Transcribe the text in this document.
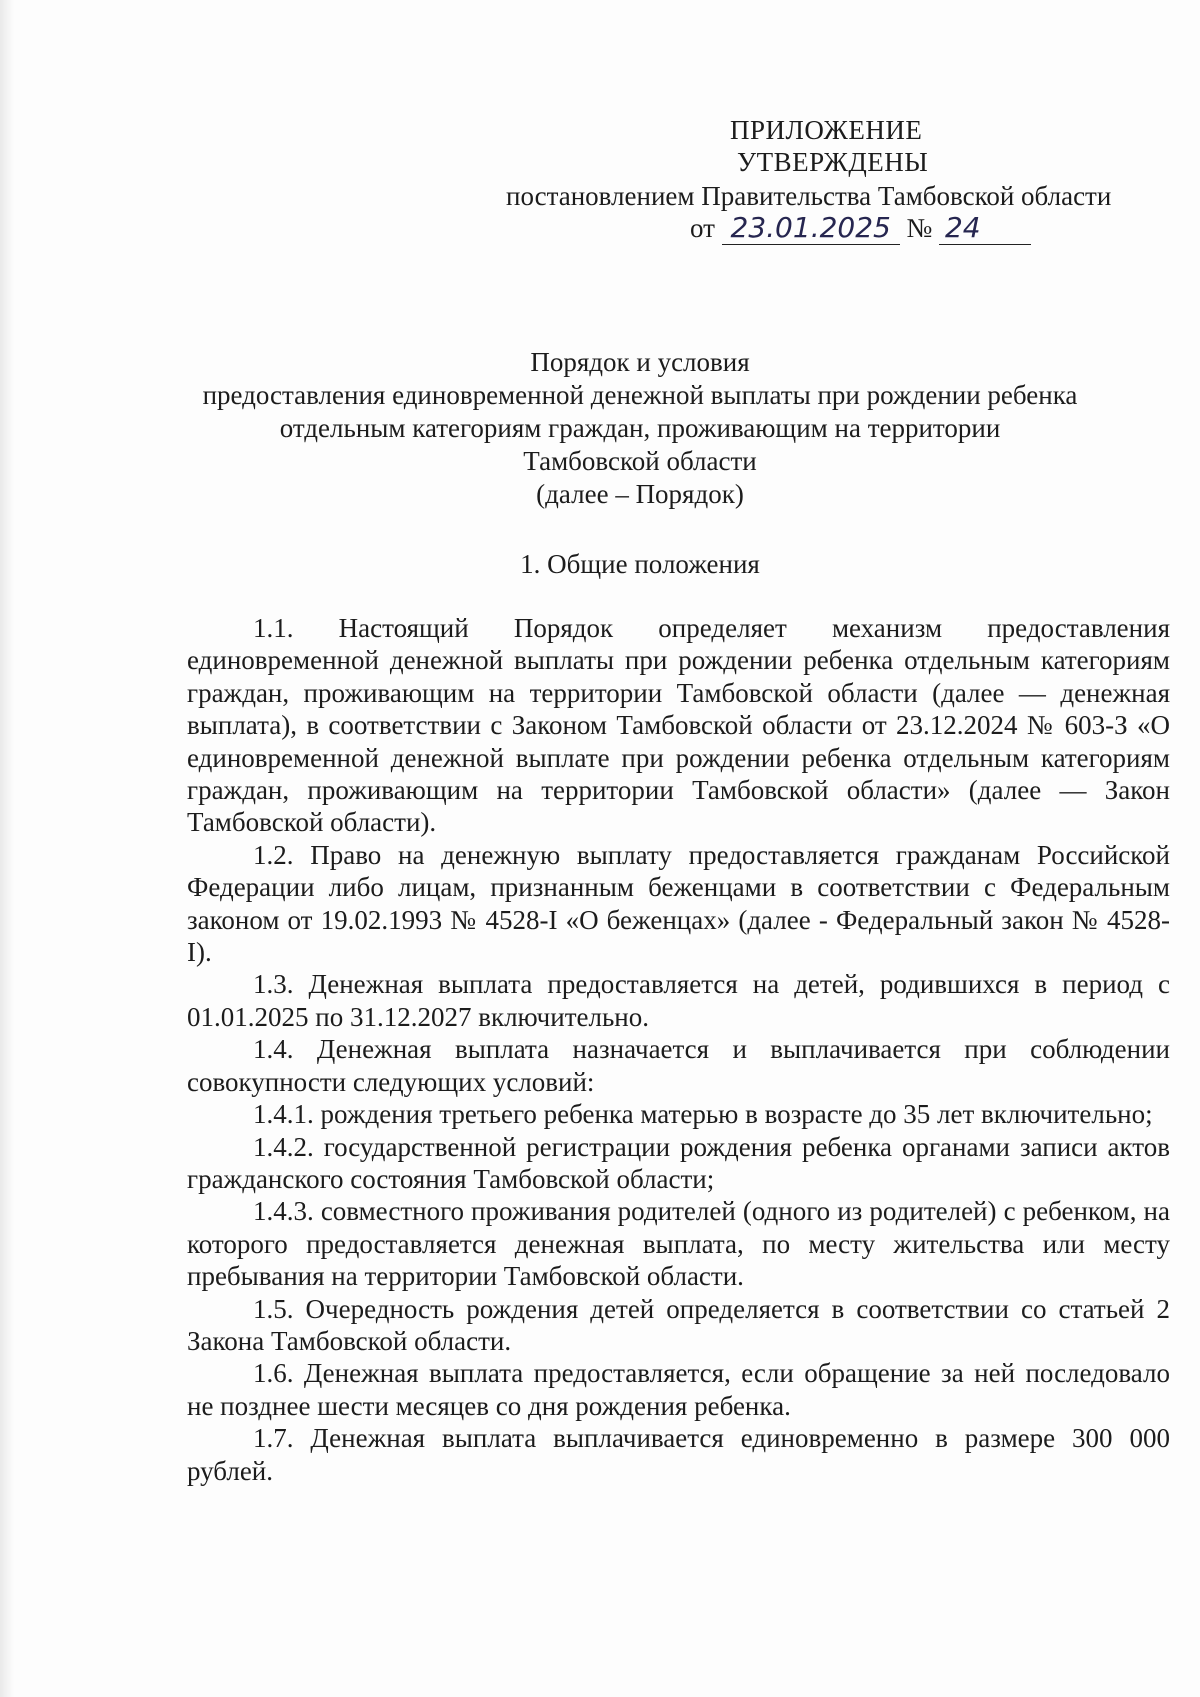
ПРИЛОЖЕНИЕ
УТВЕРЖДЕНЫ
постановлением Правительства Тамбовской области
от 23.01.2025 № 24
Порядок и условия
предоставления единовременной денежной выплаты при рождении ребенка
отдельным категориям граждан, проживающим на территории
Тамбовской области
(далее – Порядок)
1. Общие положения

1.1. Настоящий Порядок определяет механизм предоставления единовременной денежной выплаты при рождении ребенка отдельным категориям граждан, проживающим на территории Тамбовской области (далее — денежная выплата), в соответствии с Законом Тамбовской области от 23.12.2024 № 603-З «О единовременной денежной выплате при рождении ребенка отдельным категориям граждан, проживающим на территории Тамбовской области» (далее — Закон Тамбовской области).

1.2. Право на денежную выплату предоставляется гражданам Российской Федерации либо лицам, признанным беженцами в соответствии с Федеральным законом от 19.02.1993 № 4528-I «О беженцах» (далее - Федеральный закон № 4528-I).

1.3. Денежная выплата предоставляется на детей, родившихся в период с 01.01.2025 по 31.12.2027 включительно.

1.4. Денежная выплата назначается и выплачивается при соблюдении совокупности следующих условий:

1.4.1. рождения третьего ребенка матерью в возрасте до 35 лет включительно;

1.4.2. государственной регистрации рождения ребенка органами записи актов гражданского состояния Тамбовской области;

1.4.3. совместного проживания родителей (одного из родителей) с ребенком, на которого предоставляется денежная выплата, по месту жительства или месту пребывания на территории Тамбовской области.

1.5. Очередность рождения детей определяется в соответствии со статьей 2 Закона Тамбовской области.

1.6. Денежная выплата предоставляется, если обращение за ней последовало не позднее шести месяцев со дня рождения ребенка.

1.7. Денежная выплата выплачивается единовременно в размере 300 000 рублей.
